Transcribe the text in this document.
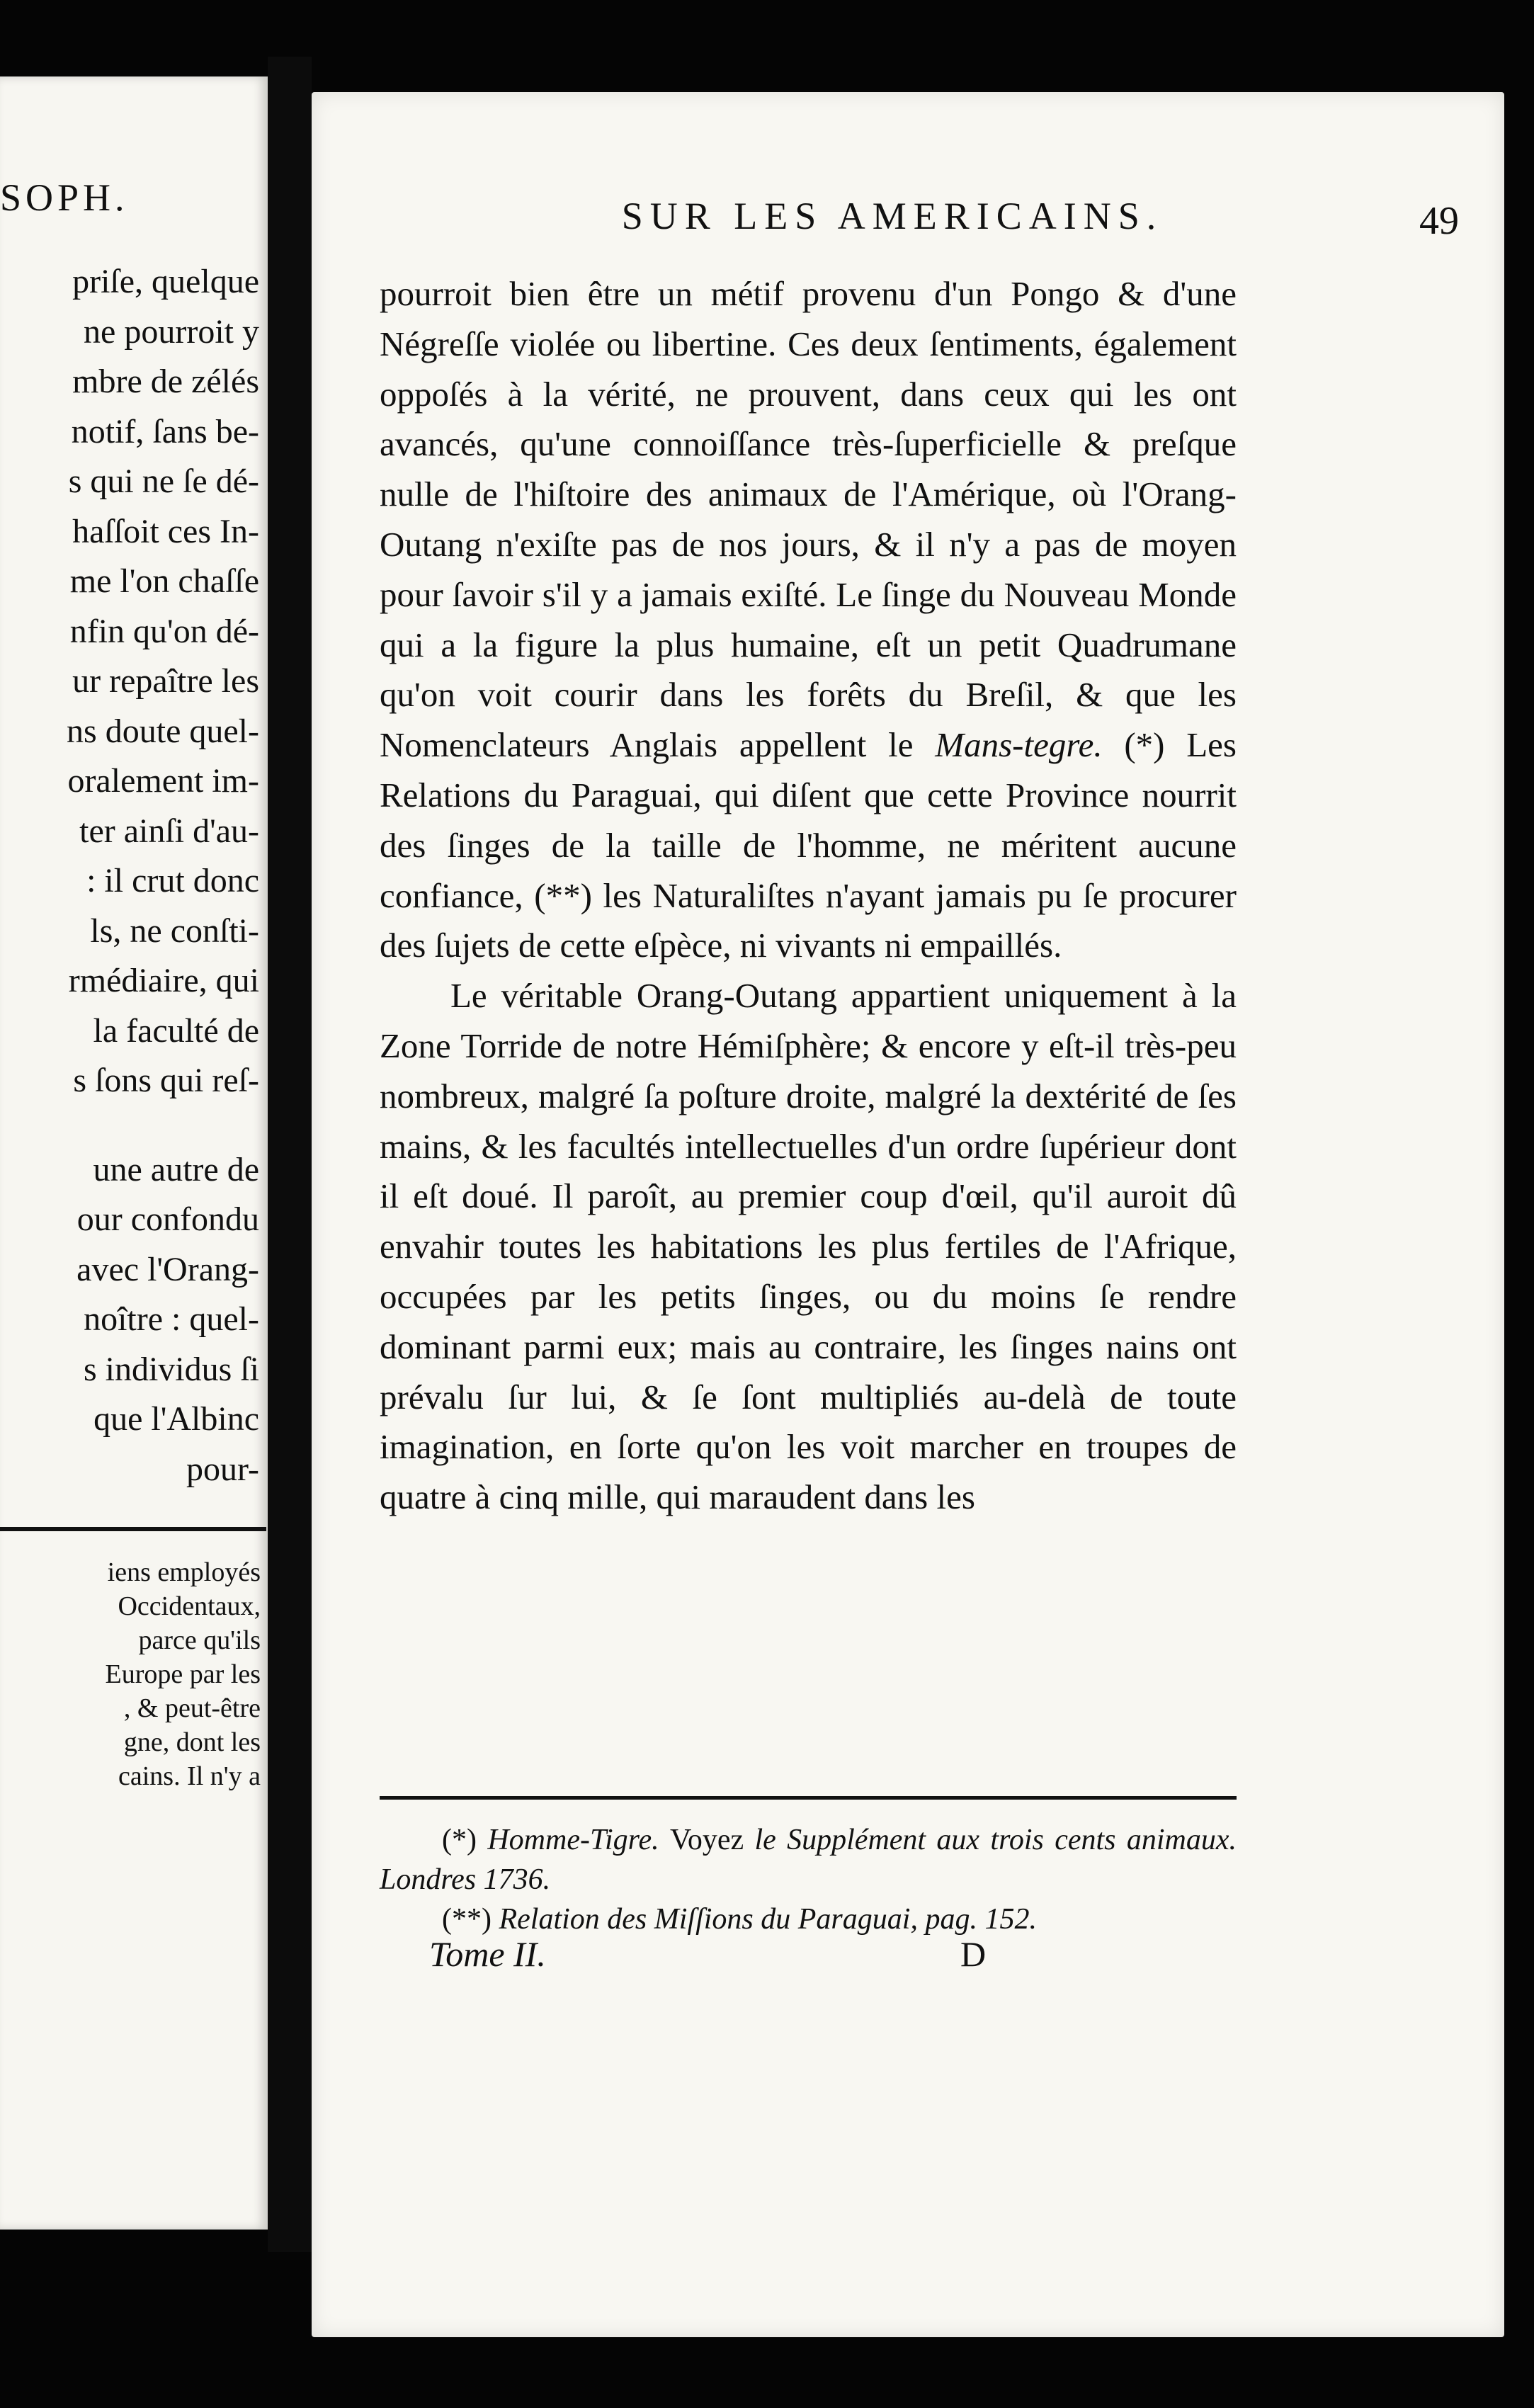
SOPH.
priſe, quelque
ne pourroit y
mbre de zélés
notif, ſans be-
s qui ne ſe dé-
haſſoit ces In-
me l'on chaſſe
nfin qu'on dé-
ur repaître les
ns doute quel-
oralement im-
ter ainſi d'au-
: il crut donc
ls, ne conſti-
rmédiaire, qui
la faculté de
s ſons qui reſ-
une autre de
our confondu
avec l'Orang-
noître : quel-
s individus ſi
que l'Albinc
pour-
iens employés
Occidentaux,
parce qu'ils
Europe par les
, & peut-être
gne, dont les
cains. Il n'y a
SUR LES AMERICAINS.	49

pourroit bien être un métif provenu d'un Pongo & d'une Négreſſe violée ou libertine. Ces deux ſentiments, également oppoſés à la vérité, ne prouvent, dans ceux qui les ont avancés, qu'une connoiſſance très-ſuperficielle & preſque nulle de l'hiſtoire des animaux de l'Amérique, où l'Orang-Outang n'exiſte pas de nos jours, & il n'y a pas de moyen pour ſavoir s'il y a jamais exiſté. Le ſinge du Nouveau Monde qui a la figure la plus humaine, eſt un petit Quadrumane qu'on voit courir dans les forêts du Breſil, & que les Nomenclateurs Anglais appellent le Mans-tegre. (*) Les Relations du Paraguai, qui diſent que cette Province nourrit des ſinges de la taille de l'homme, ne méritent aucune confiance, (**) les Naturaliſtes n'ayant jamais pu ſe procurer des ſujets de cette eſpèce, ni vivants ni empaillés.

Le véritable Orang-Outang appartient uniquement à la Zone Torride de notre Hémiſphère; & encore y eſt-il très-peu nombreux, malgré ſa poſture droite, malgré la dextérité de ſes mains, & les facultés intellectuelles d'un ordre ſupérieur dont il eſt doué. Il paroît, au premier coup d'œil, qu'il auroit dû envahir toutes les habitations les plus fertiles de l'Afrique, occupées par les petits ſinges, ou du moins ſe rendre dominant parmi eux; mais au contraire, les ſinges nains ont prévalu ſur lui, & ſe ſont multipliés au-delà de toute imagination, en ſorte qu'on les voit marcher en troupes de quatre à cinq mille, qui maraudent dans les

(*) Homme-Tigre. Voyez le Supplément aux trois cents animaux. Londres 1736.

(**) Relation des Miſſions du Paraguai, pag. 152.

Tome II.	D
